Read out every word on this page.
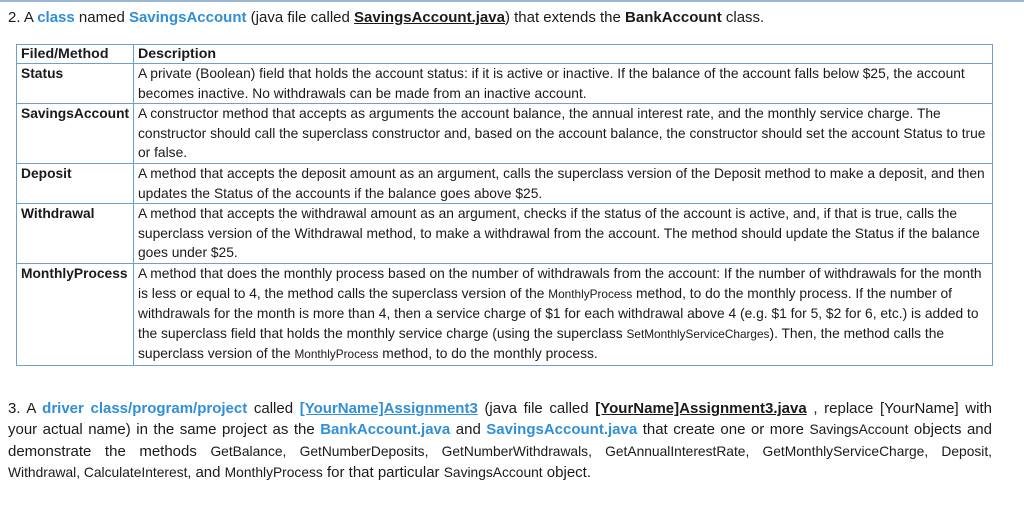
2. A class named SavingsAccount (java file called SavingsAccount.java) that extends the BankAccount class.
Filed/Method	Description
Status	A private (Boolean) field that holds the account status: if it is active or inactive. If the balance of the account falls below $25, the account becomes inactive. No withdrawals can be made from an inactive account.
SavingsAccount	A constructor method that accepts as arguments the account balance, the annual interest rate, and the monthly service charge. The constructor should call the superclass constructor and, based on the account balance, the constructor should set the account Status to true or false.
Deposit	A method that accepts the deposit amount as an argument, calls the superclass version of the Deposit method to make a deposit, and then updates the Status of the accounts if the balance goes above $25.
Withdrawal	A method that accepts the withdrawal amount as an argument, checks if the status of the account is active, and, if that is true, calls the superclass version of the Withdrawal method, to make a withdrawal from the account. The method should update the Status if the balance goes under $25.
MonthlyProcess	A method that does the monthly process based on the number of withdrawals from the account: If the number of withdrawals for the month is less or equal to 4, the method calls the superclass version of the MonthlyProcess method, to do the monthly process. If the number of withdrawals for the month is more than 4, then a service charge of $1 for each withdrawal above 4 (e.g. $1 for 5, $2 for 6, etc.) is added to the superclass field that holds the monthly service charge (using the superclass SetMonthlyServiceCharges). Then, the method calls the superclass version of the MonthlyProcess method, to do the monthly process.
3. A driver class/program/project called [YourName]Assignment3 (java file called [YourName]Assignment3.java , replace [YourName] with your actual name) in the same project as the BankAccount.java and SavingsAccount.java that create one or more SavingsAccount objects and demonstrate the methods GetBalance, GetNumberDeposits, GetNumberWithdrawals, GetAnnualInterestRate, GetMonthlyServiceCharge, Deposit, Withdrawal, CalculateInterest, and MonthlyProcess for that particular SavingsAccount object.
